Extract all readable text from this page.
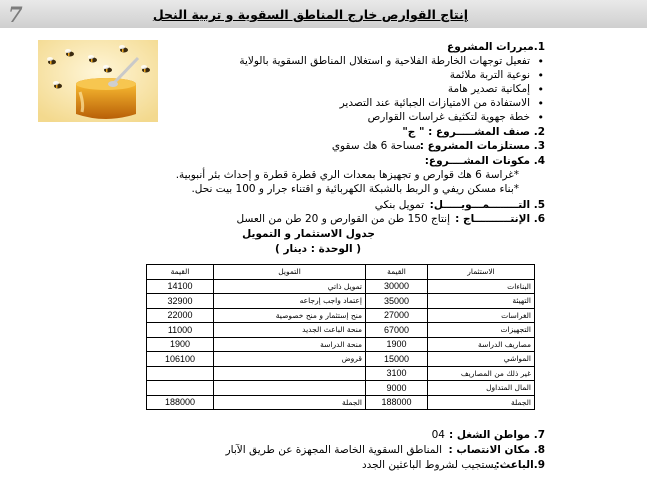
7	إنتاج القوارص خارج المناطق السقوية و تربية النحل
1.مبررات المشروع
• تفعيل توجهات الخارطة الفلاحية و استغلال المناطق السقوية بالولاية
• نوعية التربة ملائمة
• إمكانية تصدير هامة
• الاستفادة من الامتيازات الجبائية عند التصدير
• خطة جهوية لتكثيف غراسات القوارص
2. صنف المشـــــروع : " ج"
3. مستلزمات المشروع :
مساحة 6 هك سقوي
4. مكونات المشــــروع:
*غراسة 6 هك قوارص و تجهيزها بمعدات الري قطرة قطرة و إحداث بئر أنبوبية.
*بناء مسكن ريفي و الربط بالشبكة الكهربائية و اقتناء جرار و 100 بيت نحل.
5. التــــــــمـــويـــــل:
تمويل بنكي
6. الإنتــــــــــاج :
إنتاج 150 طن من القوارص و 20 طن من العسل
جدول الاستثمار و التمويل
( الوحدة : دينار )
الاستثمار	القيمة	التمويل	القيمة
البناءات	30000	تمويل ذاتي	14100
التهيئة	35000	إعتماد واجب إرجاعه	32900
الغراسات	27000	منح إستثمار و منح خصوصية	22000
التجهيزات	67000	منحة الباعث الجديد	11000
مصاريف الدراسة	1900	منحة الدراسة	1900
المواشي	15000	قروض	106100
غير ذلك من المصاريف	3100		
المال المتداول	9000		
الجملة	188000	الجملة	188000
7. مواطن الشغل :
04
8. مكان الانتصاب :
المناطق السقوية الخاصة المجهزة عن طريق الآبار
9.الباعث:
يستجيب لشروط الباعثين الجدد
